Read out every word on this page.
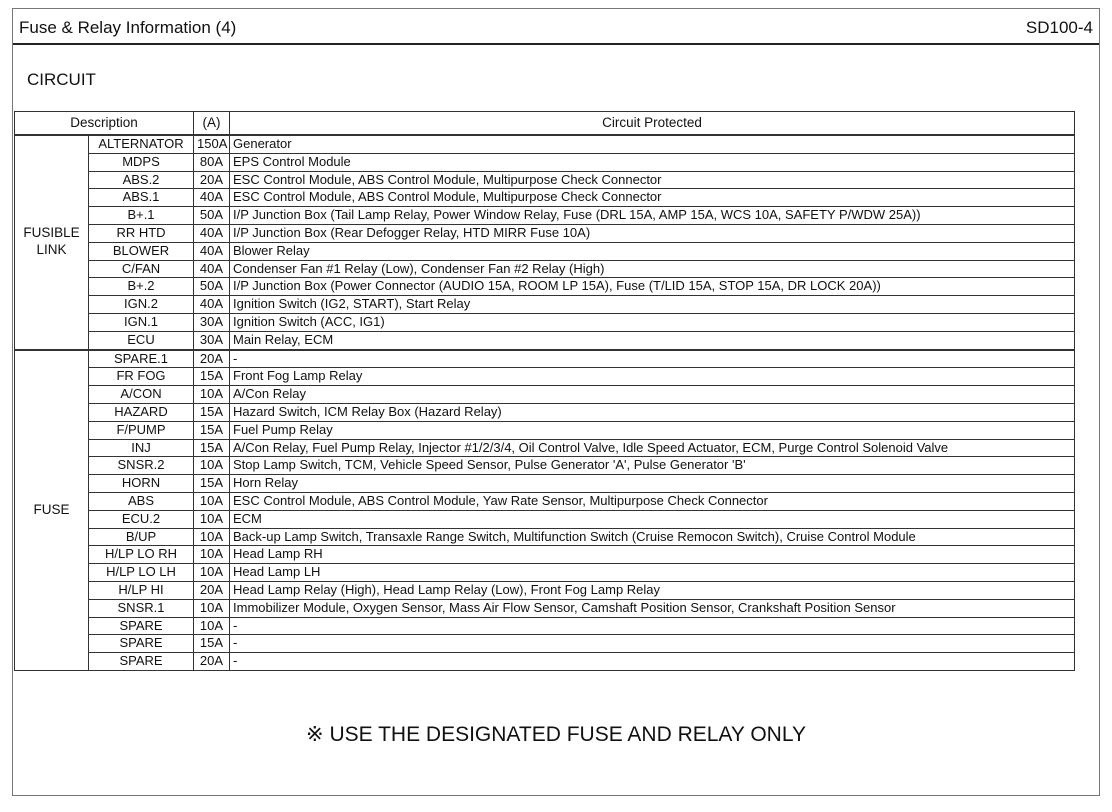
Fuse & Relay Information (4)	SD100-4
CIRCUIT
Description		(A)	Circuit Protected

FUSIBLE
LINK	ALTERNATOR	150A	Generator
	MDPS	80A	EPS Control Module
	ABS.2	20A	ESC Control Module, ABS Control Module, Multipurpose Check Connector
	ABS.1	40A	ESC Control Module, ABS Control Module, Multipurpose Check Connector
	B+.1	50A	I/P Junction Box (Tail Lamp Relay, Power Window Relay, Fuse (DRL 15A, AMP 15A, WCS 10A, SAFETY P/WDW 25A))
	RR HTD	40A	I/P Junction Box (Rear Defogger Relay, HTD MIRR Fuse 10A)
	BLOWER	40A	Blower Relay
	C/FAN	40A	Condenser Fan #1 Relay (Low), Condenser Fan #2 Relay (High)
	B+.2	50A	I/P Junction Box (Power Connector (AUDIO 15A, ROOM LP 15A), Fuse (T/LID 15A, STOP 15A, DR LOCK 20A))
	IGN.2	40A	Ignition Switch (IG2, START), Start Relay
	IGN.1	30A	Ignition Switch (ACC, IG1)
	ECU	30A	Main Relay, ECM

FUSE	SPARE.1	20A	-
	FR FOG	15A	Front Fog Lamp Relay
	A/CON	10A	A/Con Relay
	HAZARD	15A	Hazard Switch, ICM Relay Box (Hazard Relay)
	F/PUMP	15A	Fuel Pump Relay
	INJ	15A	A/Con Relay, Fuel Pump Relay, Injector #1/2/3/4, Oil Control Valve, Idle Speed Actuator, ECM, Purge Control Solenoid Valve
	SNSR.2	10A	Stop Lamp Switch, TCM, Vehicle Speed Sensor, Pulse Generator 'A', Pulse Generator 'B'
	HORN	15A	Horn Relay
	ABS	10A	ESC Control Module, ABS Control Module, Yaw Rate Sensor, Multipurpose Check Connector
	ECU.2	10A	ECM
	B/UP	10A	Back-up Lamp Switch, Transaxle Range Switch, Multifunction Switch (Cruise Remocon Switch), Cruise Control Module
	H/LP LO RH	10A	Head Lamp RH
	H/LP LO LH	10A	Head Lamp LH
	H/LP HI	20A	Head Lamp Relay (High), Head Lamp Relay (Low), Front Fog Lamp Relay
	SNSR.1	10A	Immobilizer Module, Oxygen Sensor, Mass Air Flow Sensor, Camshaft Position Sensor, Crankshaft Position Sensor
	SPARE	10A	-
	SPARE	15A	-
	SPARE	20A	-
※ USE THE DESIGNATED FUSE AND RELAY ONLY
